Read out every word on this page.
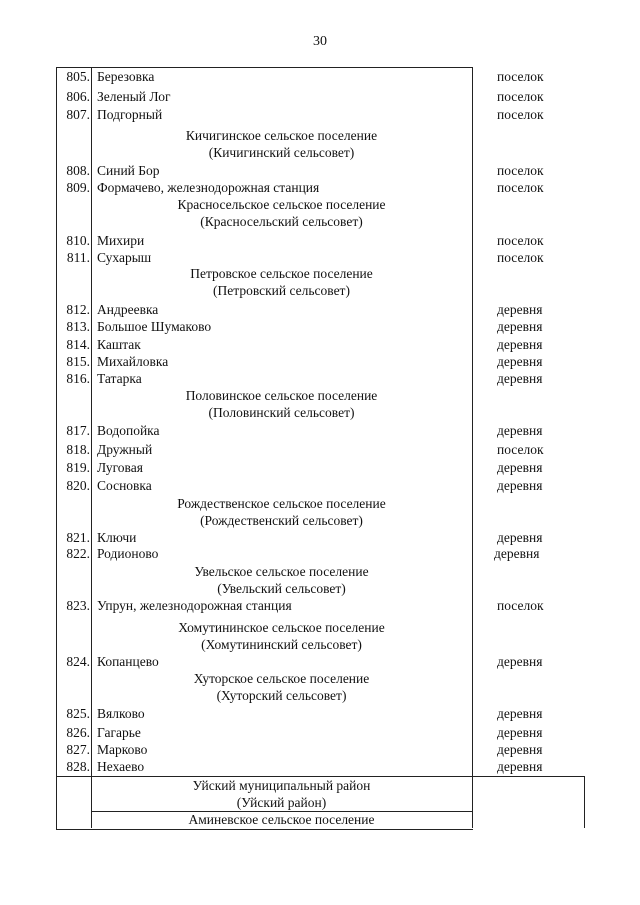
30
805. Березовка	поселок
806. Зеленый Лог	поселок
807. Подгорный	поселок
Кичигинское сельское поселение
(Кичигинский сельсовет)
808. Синий Бор	поселок
809. Формачево, железнодорожная станция	поселок
Красносельское сельское поселение
(Красносельский сельсовет)
810. Михири	поселок
811. Сухарыш	поселок
Петровское сельское поселение
(Петровский сельсовет)
812. Андреевка	деревня
813. Большое Шумаково	деревня
814. Каштак	деревня
815. Михайловка	деревня
816. Татарка	деревня
Половинское сельское поселение
(Половинский сельсовет)
817. Водопойка	деревня
818. Дружный	поселок
819. Луговая	деревня
820. Сосновка	деревня
Рождественское сельское поселение
(Рождественский сельсовет)
821. Ключи	деревня
822. Родионово	деревня
Увельское сельское поселение
(Увельский сельсовет)
823. Упрун, железнодорожная станция	поселок
Хомутининское сельское поселение
(Хомутининский сельсовет)
824. Копанцево	деревня
Хуторское сельское поселение
(Хуторский сельсовет)
825. Вялково	деревня
826. Гагарье	деревня
827. Марково	деревня
828. Нехаево	деревня
Уйский муниципальный район
(Уйский район)
Аминевское сельское поселение
